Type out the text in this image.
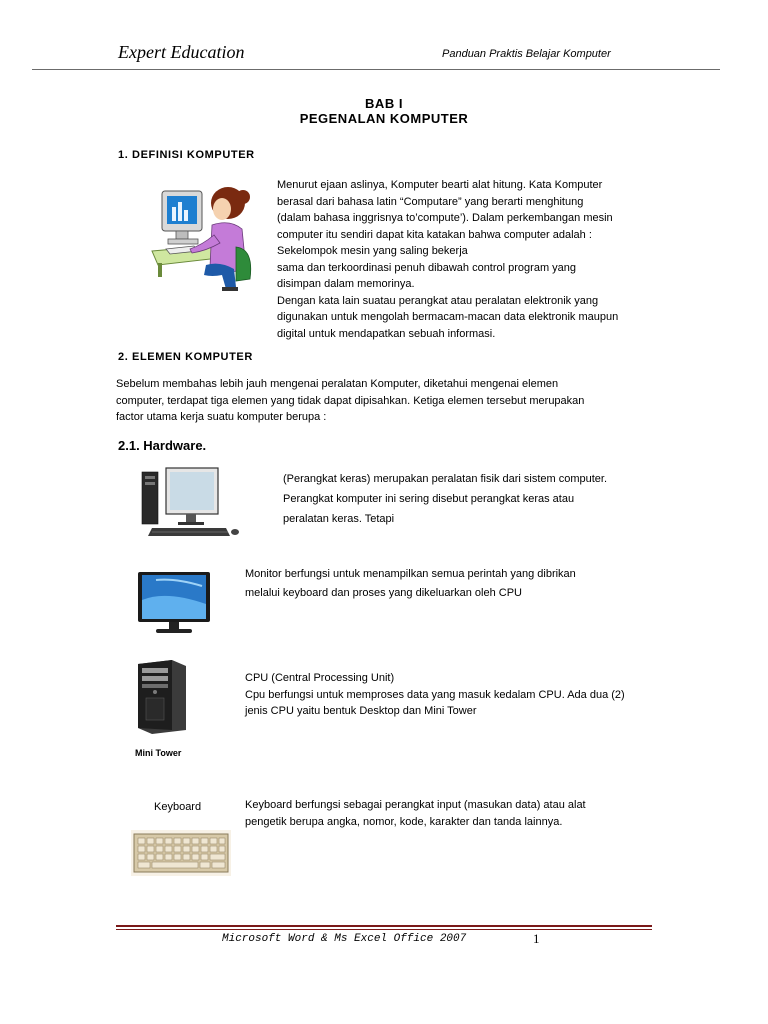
Expert Education	Panduan Praktis Belajar Komputer
BAB I
PEGENALAN KOMPUTER
1. DEFINISI KOMPUTER

Menurut ejaan aslinya, Komputer bearti alat hitung. Kata Komputer

berasal dari bahasa latin “Computare” yang berarti menghitung

(dalam bahasa inggrisnya to’compute’). Dalam perkembangan mesin

computer itu sendiri dapat kita katakan bahwa computer adalah :

Sekelompok mesin yang saling bekerja

sama dan terkoordinasi penuh dibawah control program yang

disimpan dalam memorinya.

Dengan kata lain suatau perangkat atau peralatan elektronik yang

digunakan untuk mengolah bermacam-macan data elektronik maupun

digital untuk mendapatkan sebuah informasi.

2. ELEMEN KOMPUTER

Sebelum membahas lebih jauh mengenai peralatan Komputer, diketahui mengenai elemen

computer, terdapat tiga elemen yang tidak dapat dipisahkan. Ketiga elemen tersebut merupakan

factor utama kerja suatu komputer berupa :

2.1. Hardware.

(Perangkat keras) merupakan peralatan fisik dari sistem computer.

Perangkat komputer ini sering disebut perangkat keras atau

peralatan keras. Tetapi

Monitor berfungsi untuk menampilkan semua perintah yang dibrikan

melalui keyboard dan proses yang dikeluarkan oleh CPU

Mini Tower

CPU (Central Processing Unit)

Cpu berfungsi untuk memproses data yang masuk kedalam CPU. Ada dua (2)

jenis CPU yaitu bentuk Desktop dan Mini Tower

Keyboard	Keyboard berfungsi sebagai perangkat input (masukan data) atau alat

pengetik berupa angka, nomor, kode, karakter dan tanda lainnya.

Microsoft Word & Ms Excel Office 2007	1
